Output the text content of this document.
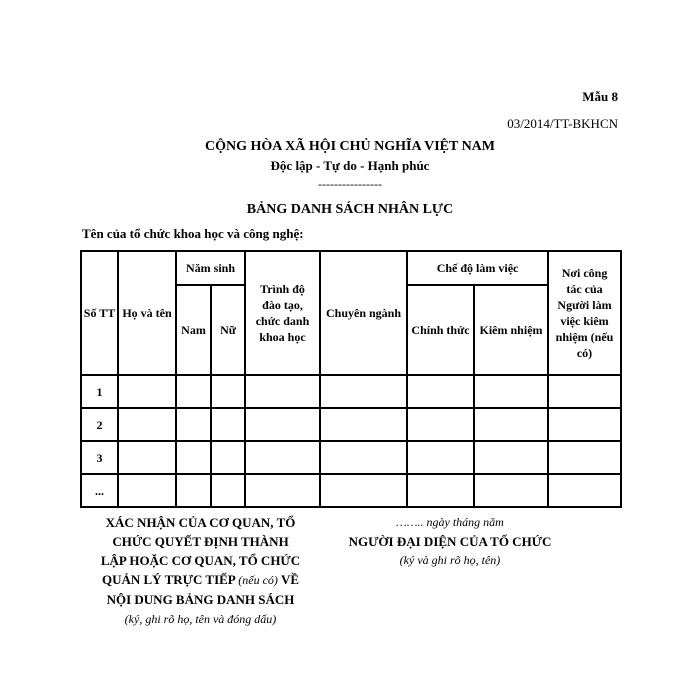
Mẫu 8
03/2014/TT-BKHCN
CỘNG HÒA XÃ HỘI CHỦ NGHĨA VIỆT NAM
Độc lập - Tự do - Hạnh phúc
----------------
BẢNG DANH SÁCH NHÂN LỰC
Tên của tổ chức khoa học và công nghệ:
Số TT	Họ và tên	Năm sinh		Trình độ đào tạo, chức danh khoa học	Chuyên ngành	Chế độ làm việc		Nơi công tác của Người làm việc kiêm nhiệm (nếu có)

		Nam	Nữ			Chính thức	Kiêm nhiệm	
1								
2								
3								
...								
XÁC NHẬN CỦA CƠ QUAN, TỔ CHỨC QUYẾT ĐỊNH THÀNH LẬP HOẶC CƠ QUAN, TỔ CHỨC QUẢN LÝ TRỰC TIẾP (nếu có) VỀ NỘI DUNG BẢNG DANH SÁCH
(ký, ghi rõ họ, tên và đóng dấu)
…….. ngày tháng năm
NGƯỜI ĐẠI DIỆN CỦA TỔ CHỨC
(ký và ghi rõ họ, tên)
